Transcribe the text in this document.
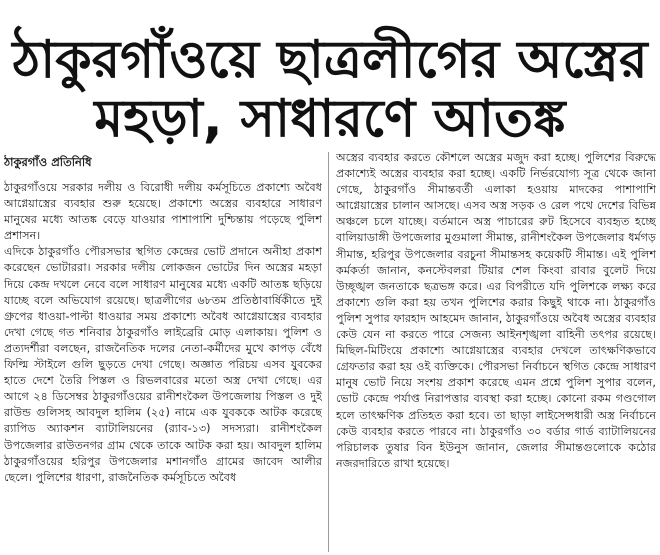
ঠাকুরগাঁওয়ে ছাত্রলীগের অস্ত্রের
মহড়া, সাধারণে আতঙ্ক
ঠাকুরগাঁও প্রতিনিধি

ঠাকুরগাঁওয়ে সরকার দলীয় ও বিরোধী দলীয় কর্মসূচিতে প্রকাশ্যে অবৈধ আগ্নেয়াস্ত্রের ব্যবহার শুরু হয়েছে। প্রকাশ্যে অস্ত্রের ব্যবহারে সাধারণ মানুষের মধ্যে আতঙ্ক বেড়ে যাওয়ার পাশাপাশি দুশ্চিন্তায় পড়েছে পুলিশ প্রশাসন।

এদিকে ঠাকুরগাঁও পৌরসভার স্থগিত কেন্দ্রের ভোট প্রদানে অনীহা প্রকাশ করেছেন ভোটাররা। সরকার দলীয় লোকজন ভোটের দিন অস্ত্রের মহড়া দিয়ে কেন্দ্র দখলে নেবে বলে সাধারণ মানুষের মধ্যে একটি আতঙ্ক ছড়িয়ে যাচ্ছে বলে অভিযোগ রয়েছে। ছাত্রলীগের ৬৮তম প্রতিষ্ঠাবার্ষিকীতে দুই গ্রুপের ধাওয়া-পাল্টা ধাওয়ার সময় প্রকাশ্যে অবৈধ আগ্নেয়াস্ত্রের ব্যবহার দেখা গেছে গত শনিবার ঠাকুরগাঁও লাইব্রেরি মোড় এলাকায়। পুলিশ ও প্রত্যদর্শীরা বলছেন, রাজনৈতিক দলের নেতা-কর্মীদের মুখে কাপড় বেঁধে ফিল্মি স্টাইলে গুলি ছুড়তে দেখা গেছে। অজ্ঞাত পরিচয় এসব যুবকের হাতে দেশে তৈরি পিস্তল ও রিভলবারের মতো অস্ত্র দেখা গেছে। এর আগে ২৪ ডিসেম্বর ঠাকুরগাঁওয়ের রানীশংকৈল উপজেলায় পিস্তল ও দুই রাউন্ড গুলিসহ আবদুল হালিম (২৫) নামে এক যুবককে আটক করেছে র‌্যাপিড অ্যাকশন ব্যাটালিয়নের (র‌্যাব-১৩) সদস্যরা। রানীশংকৈল উপজেলার রাউতনগর গ্রাম থেকে তাকে আটক করা হয়। আবদুল হালিম ঠাকুরগাঁওয়ের হরিপুর উপজেলার মশানগাঁও গ্রামের জাবেদ আলীর ছেলে। পুলিশের ধারণা, রাজনৈতিক কর্মসূচিতে অবৈধ

অস্ত্রের ব্যবহার করতে কৌশলে অস্ত্রের মজুদ করা হচ্ছে। পুলিশের বিরুদ্ধে প্রকাশ্যেই অস্ত্রের ব্যবহার করা হচ্ছে। একটি নির্ভরযোগ্য সূত্র থেকে জানা গেছে, ঠাকুরগাঁও সীমান্তবর্তী এলাকা হওয়ায় মাদকের পাশাপাশি আগ্নেয়াস্ত্রের চালান আসছে। এসব অস্ত্র সড়ক ও রেল পথে দেশের বিভিন্ন অঞ্চলে চলে যাচ্ছে। বর্তমানে অস্ত্র পাচারের রুট হিসেবে ব্যবহৃত হচ্ছে বালিয়াডাঙ্গী উপজেলার মুগুমালা সীমান্ত, রানীশংকৈল উপজেলার ধর্মগড় সীমান্ত, হরিপুর উপজেলার বরচুনা সীমান্তসহ কয়েকটি সীমান্ত। এই পুলিশ কর্মকর্তা জানান, কনস্টেবলরা টিয়ার শেল কিংবা রাবার বুলেট দিয়ে উচ্ছৃঙ্খল জনতাকে ছত্রভঙ্গ করে। এর বিপরীতে যদি পুলিশকে লক্ষ্য করে প্রকাশ্যে গুলি করা হয় তখন পুলিশের করার কিছুই থাকে না। ঠাকুরগাঁও পুলিশ সুপার ফারহাদ আহমেদ জানান, ঠাকুরগাঁওয়ে অবৈধ অস্ত্রের ব্যবহার কেউ যেন না করতে পারে সেজন্য আইনশৃঙ্খলা বাহিনী তৎপর রয়েছে। মিছিল-মিটিংয়ে প্রকাশ্যে আগ্নেয়াস্ত্রের ব্যবহার দেখলে তাৎক্ষণিকভাবে গ্রেফতার করা হয় ওই ব্যক্তিকে। পৌরসভা নির্বাচনে স্থগিত কেন্দ্রে সাধারণ মানুষ ভোট নিয়ে সংশয় প্রকাশ করেছে এমন প্রশ্নে পুলিশ সুপার বলেন, ভোট কেন্দ্রে পর্যাপ্ত নিরাপত্তার ব্যবস্থা করা হচ্ছে। কোনো রকম গণ্ডগোল হলে তাৎক্ষণিক প্রতিহত করা হবে। তা ছাড়া লাইসেন্সধারী অস্ত্র নির্বাচনে কেউ ব্যবহার করতে পারবে না। ঠাকুরগাঁও ৩০ বর্ডার গার্ড ব্যাটালিয়নের পরিচালক তুষার বিন ইউনুস জানান, জেলার সীমান্তগুলোকে কঠোর নজরদারিতে রাখা হয়েছে।
